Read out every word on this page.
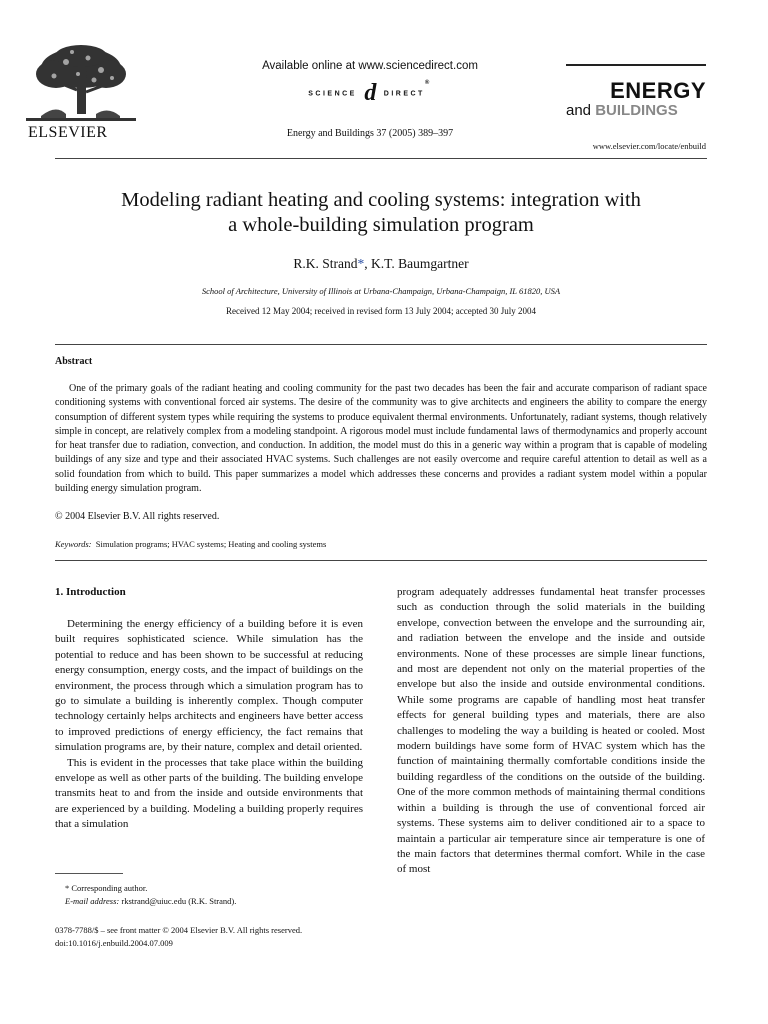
ELSEVIER
Available online at www.sciencedirect.com
SCIENCE d DIRECT®
Energy and Buildings 37 (2005) 389–397
ENERGY
and BUILDINGS
www.elsevier.com/locate/enbuild
Modeling radiant heating and cooling systems: integration with
a whole-building simulation program
R.K. Strand*, K.T. Baumgartner
School of Architecture, University of Illinois at Urbana-Champaign, Urbana-Champaign, IL 61820, USA
Received 12 May 2004; received in revised form 13 July 2004; accepted 30 July 2004
Abstract
One of the primary goals of the radiant heating and cooling community for the past two decades has been the fair and accurate comparison of radiant space conditioning systems with conventional forced air systems. The desire of the community was to give architects and engineers the ability to compare the energy consumption of different system types while requiring the systems to produce equivalent thermal environments. Unfortunately, radiant systems, though relatively simple in concept, are relatively complex from a modeling standpoint. A rigorous model must include fundamental laws of thermodynamics and properly account for heat transfer due to radiation, convection, and conduction. In addition, the model must do this in a generic way within a program that is capable of modeling buildings of any size and type and their associated HVAC systems. Such challenges are not easily overcome and require careful attention to detail as well as a solid foundation from which to build. This paper summarizes a model which addresses these concerns and provides a radiant system model within a popular building energy simulation program.
© 2004 Elsevier B.V. All rights reserved.
Keywords: Simulation programs; HVAC systems; Heating and cooling systems
1. Introduction

Determining the energy efficiency of a building before it is even built requires sophisticated science. While simulation has the potential to reduce and has been shown to be successful at reducing energy consumption, energy costs, and the impact of buildings on the environment, the process through which a simulation program has to go to simulate a building is inherently complex. Though computer technology certainly helps architects and engineers have better access to improved predictions of energy efficiency, the fact remains that simulation programs are, by their nature, complex and detail oriented.

This is evident in the processes that take place within the building envelope as well as other parts of the building. The building envelope transmits heat to and from the inside and outside environments that are experienced by a building. Modeling a building properly requires that a simulation

program adequately addresses fundamental heat transfer processes such as conduction through the solid materials in the building envelope, convection between the envelope and the surrounding air, and radiation between the envelope and the inside and outside environments. None of these processes are simple linear functions, and most are dependent not only on the material properties of the envelope but also the inside and outside environmental conditions. While some programs are capable of handling most heat transfer effects for general building types and materials, there are also challenges to modeling the way a building is heated or cooled. Most modern buildings have some form of HVAC system which has the function of maintaining thermally comfortable conditions inside the building regardless of the conditions on the outside of the building. One of the more common methods of maintaining thermal conditions within a building is through the use of conventional forced air systems. These systems aim to deliver conditioned air to a space to maintain a particular air temperature since air temperature is one of the main factors that determines thermal comfort. While in the case of most

* Corresponding author.
E-mail address: rkstrand@uiuc.edu (R.K. Strand).
0378-7788/$ – see front matter © 2004 Elsevier B.V. All rights reserved.
doi:10.1016/j.enbuild.2004.07.009
